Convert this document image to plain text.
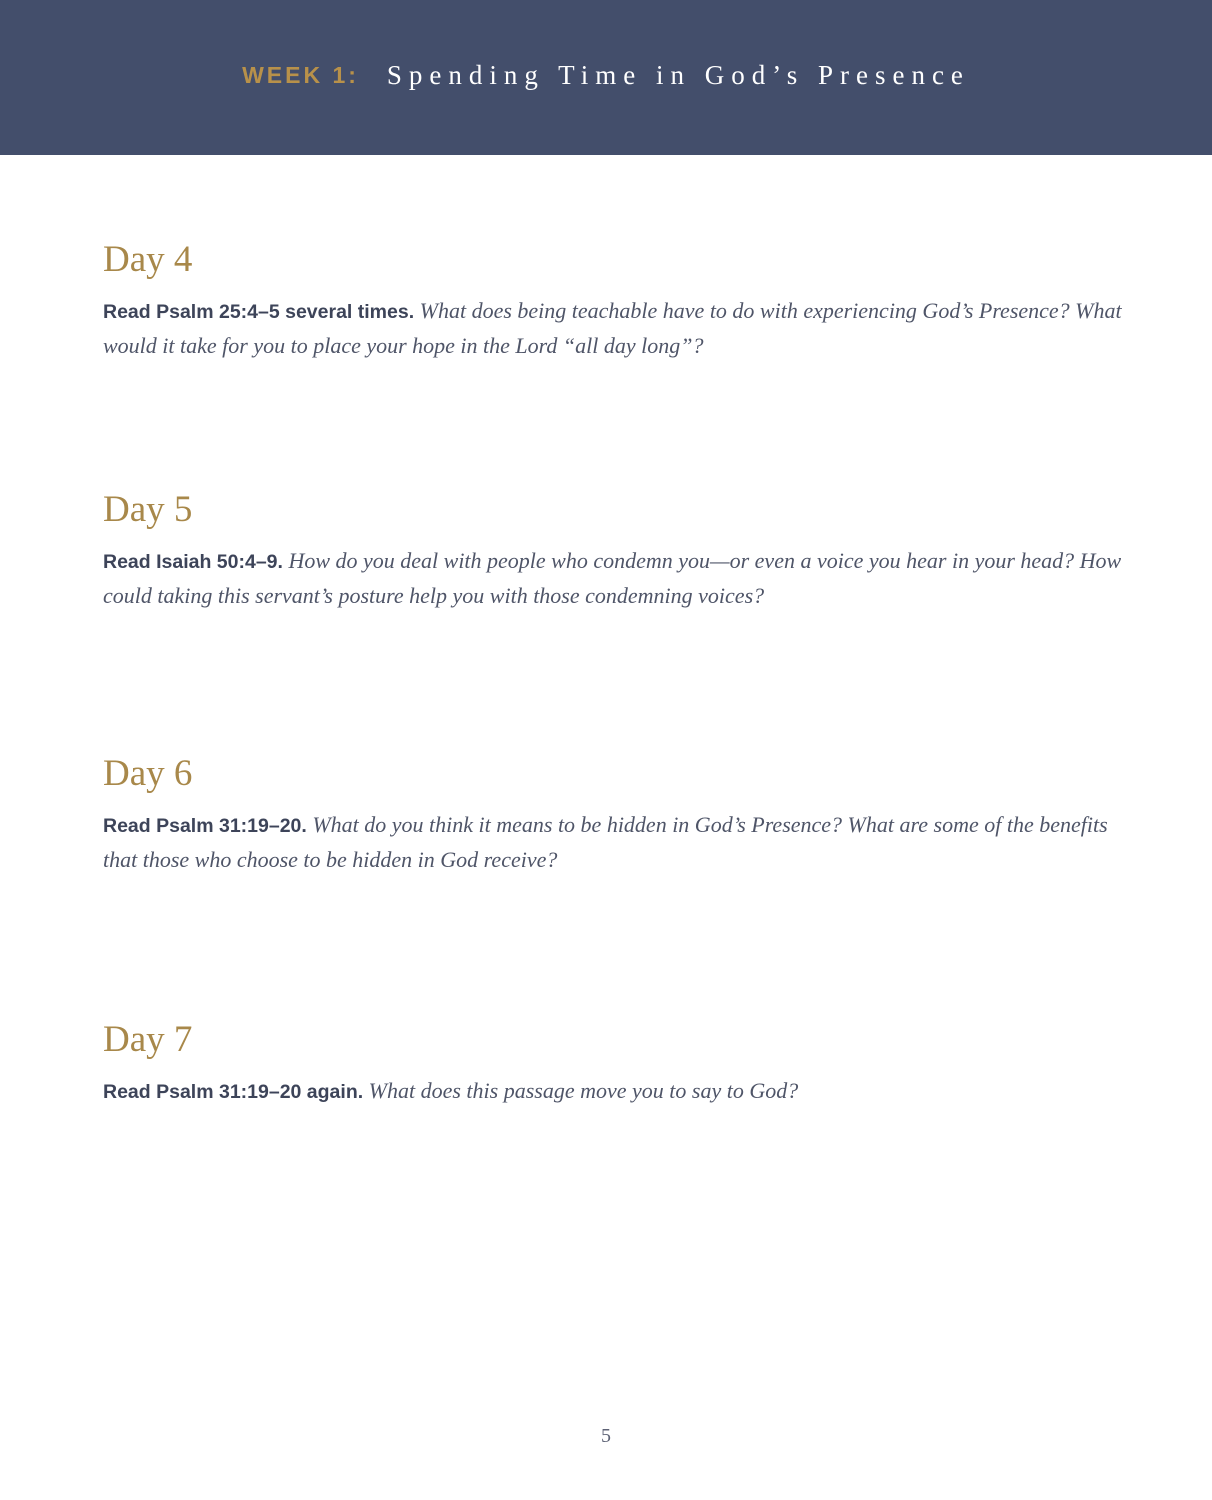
WEEK 1: Spending Time in God’s Presence
Day 4

Read Psalm 25:4–5 several times. What does being teachable have to do with experiencing God’s Presence? What would it take for you to place your hope in the Lord “all day long”?

Day 5

Read Isaiah 50:4–9. How do you deal with people who condemn you—or even a voice you hear in your head? How could taking this servant’s posture help you with those condemning voices?

Day 6

Read Psalm 31:19–20. What do you think it means to be hidden in God’s Presence? What are some of the benefits that those who choose to be hidden in God receive?

Day 7

Read Psalm 31:19–20 again. What does this passage move you to say to God?

5
